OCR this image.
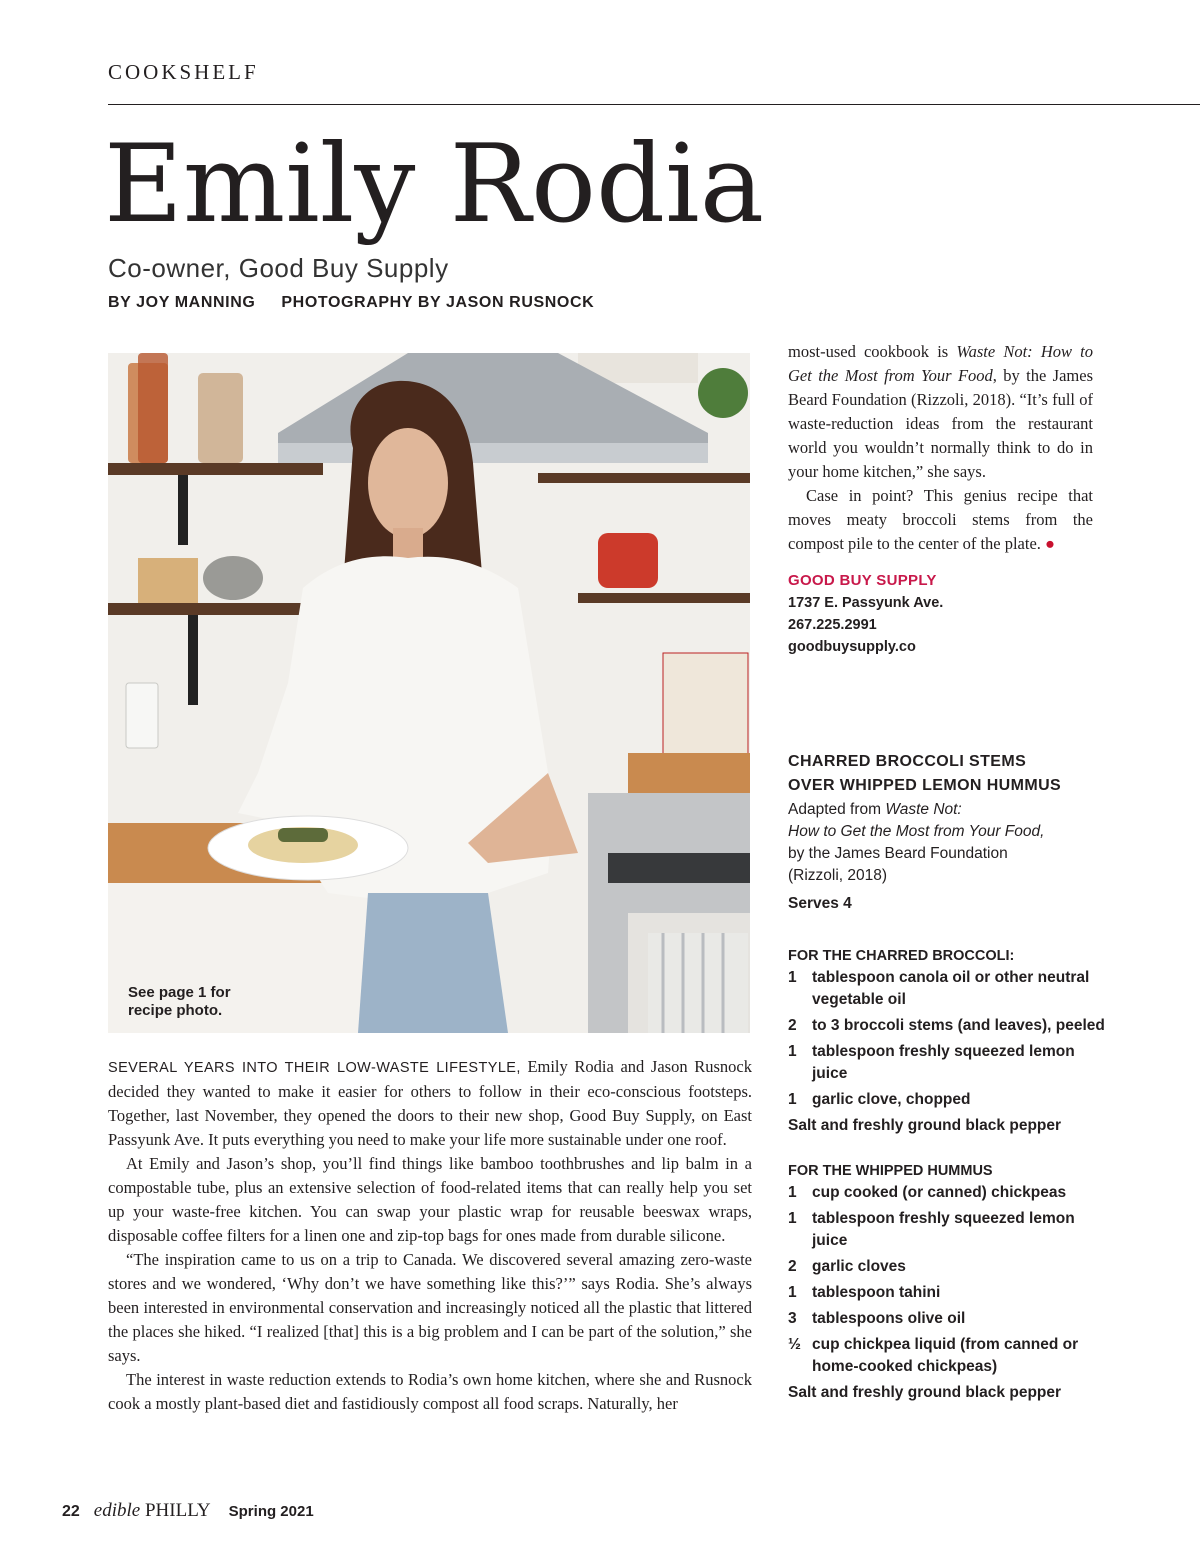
COOKSHELF
Emily Rodia
Co-owner, Good Buy Supply
BY JOY MANNING PHOTOGRAPHY BY JASON RUSNOCK
See page 1 for
recipe photo.

SEVERAL YEARS INTO THEIR LOW-WASTE LIFESTYLE, Emily Rodia and Jason Rusnock decided they wanted to make it easier for others to follow in their eco-conscious footsteps. Together, last November, they opened the doors to their new shop, Good Buy Supply, on East Passyunk Ave. It puts everything you need to make your life more sustainable under one roof.

At Emily and Jason’s shop, you’ll find things like bamboo toothbrushes and lip balm in a compostable tube, plus an extensive selection of food-related items that can really help you set up your waste-free kitchen. You can swap your plastic wrap for reusable beeswax wraps, disposable coffee filters for a linen one and zip-top bags for ones made from durable silicone.

“The inspiration came to us on a trip to Canada. We discovered several amazing zero-waste stores and we wondered, ‘Why don’t we have something like this?’” says Rodia. She’s always been interested in environmental conservation and increasingly noticed all the plastic that littered the places she hiked. “I realized [that] this is a big problem and I can be part of the solution,” she says.

The interest in waste reduction extends to Rodia’s own home kitchen, where she and Rusnock cook a mostly plant-based diet and fastidiously compost all food scraps. Naturally, her

most-used cookbook is Waste Not: How to Get the Most from Your Food, by the James Beard Foundation (Rizzoli, 2018). “It’s full of waste-reduction ideas from the restaurant world you wouldn’t normally think to do in your home kitchen,” she says.

Case in point? This genius recipe that moves meaty broccoli stems from the compost pile to the center of the plate. ●

GOOD BUY SUPPLY
1737 E. Passyunk Ave.
267.225.2991
goodbuysupply.co
CHARRED BROCCOLI STEMS
OVER WHIPPED LEMON HUMMUS
Adapted from Waste Not:
How to Get the Most from Your Food,
by the James Beard Foundation
(Rizzoli, 2018)
Serves 4
FOR THE CHARRED BROCCOLI:
1 tablespoon canola oil or other neutral vegetable oil
2 to 3 broccoli stems (and leaves), peeled
1 tablespoon freshly squeezed lemon juice
1 garlic clove, chopped
Salt and freshly ground black pepper
FOR THE WHIPPED HUMMUS
1 cup cooked (or canned) chickpeas
1 tablespoon freshly squeezed lemon juice
2 garlic cloves
1 tablespoon tahini
3 tablespoons olive oil
½ cup chickpea liquid (from canned or home-cooked chickpeas)
Salt and freshly ground black pepper
22 edible PHILLY Spring 2021
